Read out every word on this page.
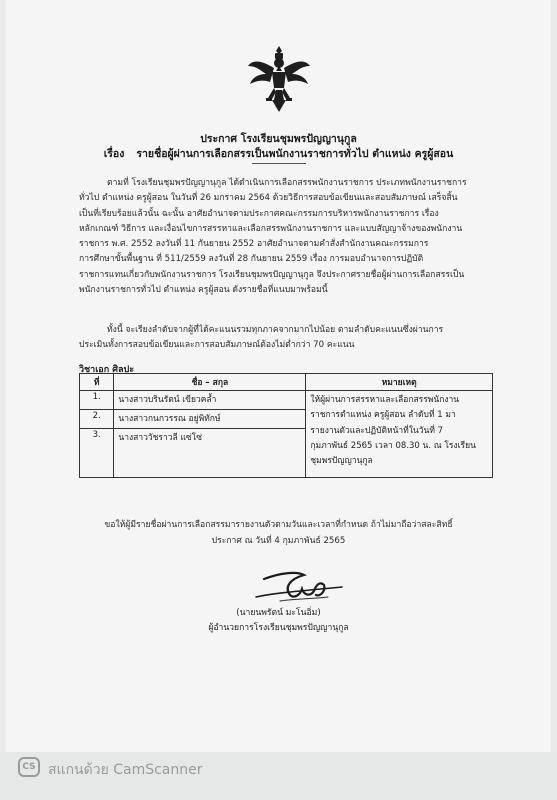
ประกาศ โรงเรียนชุมพรปัญญานุกูล
เรื่อง รายชื่อผู้ผ่านการเลือกสรรเป็นพนักงานราชการทั่วไป ตำแหน่ง ครูผู้สอน
ตามที่ โรงเรียนชุมพรปัญญานุกูล ได้ดำเนินการเลือกสรรพนักงานราชการ ประเภทพนักงานราชการ
ทั่วไป ตำแหน่ง ครูผู้สอน ในวันที่ 26 มกราคม 2564 ด้วยวิธีการสอบข้อเขียนและสอบสัมภาษณ์ เสร็จสิ้น
เป็นที่เรียบร้อยแล้วนั้น ฉะนั้น อาศัยอำนาจตามประกาศคณะกรรมการบริหารพนักงานราชการ เรื่อง
หลักเกณฑ์ วิธีการ และเงื่อนไขการสรรหาและเลือกสรรพนักงานราชการ และแบบสัญญาจ้างของพนักงาน
ราชการ พ.ศ. 2552 ลงวันที่ 11 กันยายน 2552 อาศัยอำนาจตามคำสั่งสำนักงานคณะกรรมการ
การศึกษาขั้นพื้นฐาน ที่ 511/2559 ลงวันที่ 28 กันยายน 2559 เรื่อง การมอบอำนาจการปฏิบัติ
ราชการแทนเกี่ยวกับพนักงานราชการ โรงเรียนชุมพรปัญญานุกูล จึงประกาศรายชื่อผู้ผ่านการเลือกสรรเป็น
พนักงานราชการทั่วไป ตำแหน่ง ครูผู้สอน ดังรายชื่อที่แนบมาพร้อมนี้
ทั้งนี้ จะเรียงลำดับจากผู้ที่ได้คะแนนรวมทุกภาคจากมากไปน้อย ตามลำดับคะแนนซึ่งผ่านการ
ประเมินทั้งการสอบข้อเขียนและการสอบสัมภาษณ์ต้องไม่ต่ำกว่า 70 คะแนน
วิชาเอก ศิลปะ
ที่	ชื่อ – สกุล	หมายเหตุ
1.	นางสาวบรินรัตน์ เขียวคล้ำ	ให้ผู้ผ่านการสรรหาและเลือกสรรพนักงาน
ราชการตำแหน่ง ครูผู้สอน ลำดับที่ 1 มา
รายงานตัวและปฏิบัติหน้าที่ในวันที่ 7
กุมภาพันธ์ 2565 เวลา 08.30 น. ณ โรงเรียน
ชุมพรปัญญานุกูล

2.	นางสาวกนกวรรณ อยู่พิทักษ์	
3.	นางสาววัชราวลี แซ่โซ่	
ขอให้ผู้มีรายชื่อผ่านการเลือกสรรมารายงานตัวตามวันและเวลาที่กำหนด ถ้าไม่มาถือว่าสละสิทธิ์
ประกาศ ณ วันที่ 4 กุมภาพันธ์ 2565
(นายนพรัตน์ มะโนอิ่ม)
ผู้อำนวยการโรงเรียนชุมพรปัญญานุกูล
CS สแกนด้วย CamScanner
